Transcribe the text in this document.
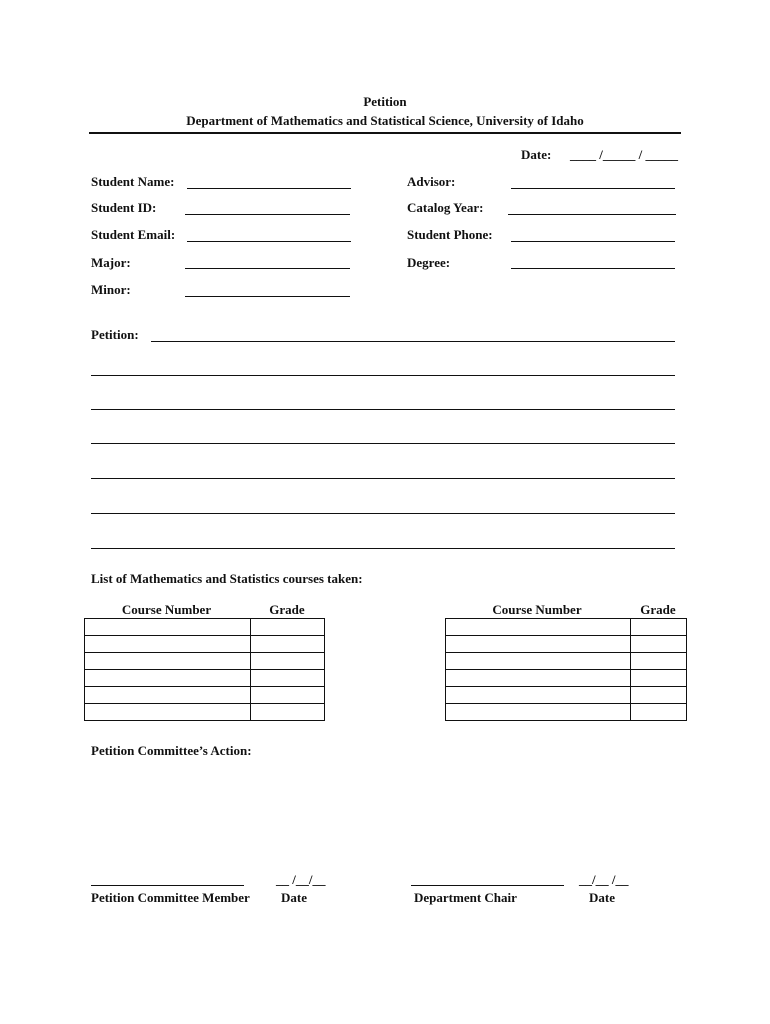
Petition
Department of Mathematics and Statistical Science, University of Idaho
Date: ____ /_____ / _____
Student Name:
Student ID:
Student Email:
Major:
Minor:
Advisor:
Catalog Year:
Student Phone:
Degree:
Petition:
List of Mathematics and Statistics courses taken:
Course Number	Grade	Course Number	Grade

Petition Committee’s Action:
__ /__/__
Petition Committee Member Date
__/__ /__
Department Chair	Date
